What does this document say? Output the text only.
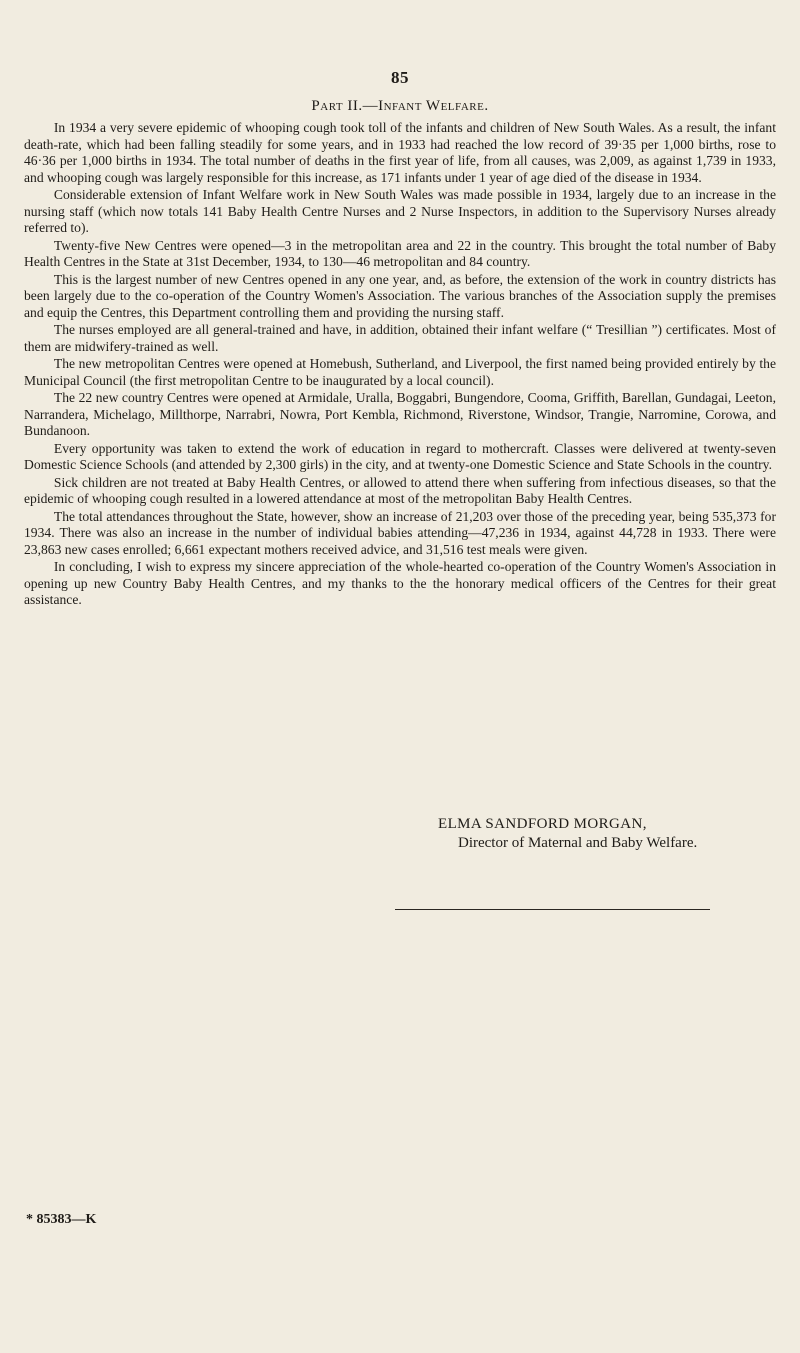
85
Part II.—Infant Welfare.

In 1934 a very severe epidemic of whooping cough took toll of the infants and children of New South Wales. As a result, the infant death-rate, which had been falling steadily for some years, and in 1933 had reached the low record of 39·35 per 1,000 births, rose to 46·36 per 1,000 births in 1934. The total number of deaths in the first year of life, from all causes, was 2,009, as against 1,739 in 1933, and whooping cough was largely responsible for this increase, as 171 infants under 1 year of age died of the disease in 1934.

Considerable extension of Infant Welfare work in New South Wales was made possible in 1934, largely due to an increase in the nursing staff (which now totals 141 Baby Health Centre Nurses and 2 Nurse Inspectors, in addition to the Supervisory Nurses already referred to).

Twenty-five New Centres were opened—3 in the metropolitan area and 22 in the country. This brought the total number of Baby Health Centres in the State at 31st December, 1934, to 130—46 metropolitan and 84 country.

This is the largest number of new Centres opened in any one year, and, as before, the extension of the work in country districts has been largely due to the co-operation of the Country Women's Association. The various branches of the Association supply the premises and equip the Centres, this Department controlling them and providing the nursing staff.

The nurses employed are all general-trained and have, in addition, obtained their infant welfare (“ Tresillian ”) certificates. Most of them are midwifery-trained as well.

The new metropolitan Centres were opened at Homebush, Sutherland, and Liverpool, the first named being provided entirely by the Municipal Council (the first metropolitan Centre to be inaugurated by a local council).

The 22 new country Centres were opened at Armidale, Uralla, Boggabri, Bungendore, Cooma, Griffith, Barellan, Gundagai, Leeton, Narrandera, Michelago, Millthorpe, Narrabri, Nowra, Port Kembla, Richmond, Riverstone, Windsor, Trangie, Narromine, Corowa, and Bundanoon.

Every opportunity was taken to extend the work of education in regard to mothercraft. Classes were delivered at twenty-seven Domestic Science Schools (and attended by 2,300 girls) in the city, and at twenty-one Domestic Science and State Schools in the country.

Sick children are not treated at Baby Health Centres, or allowed to attend there when suffering from infectious diseases, so that the epidemic of whooping cough resulted in a lowered attendance at most of the metropolitan Baby Health Centres.

The total attendances throughout the State, however, show an increase of 21,203 over those of the preceding year, being 535,373 for 1934. There was also an increase in the number of individual babies attending—47,236 in 1934, against 44,728 in 1933. There were 23,863 new cases enrolled; 6,661 expectant mothers received advice, and 31,516 test meals were given.

In concluding, I wish to express my sincere appreciation of the whole-hearted co-operation of the Country Women's Association in opening up new Country Baby Health Centres, and my thanks to the the honorary medical officers of the Centres for their great assistance.

ELMA SANDFORD MORGAN,
Director of Maternal and Baby Welfare.
* 85383—K
